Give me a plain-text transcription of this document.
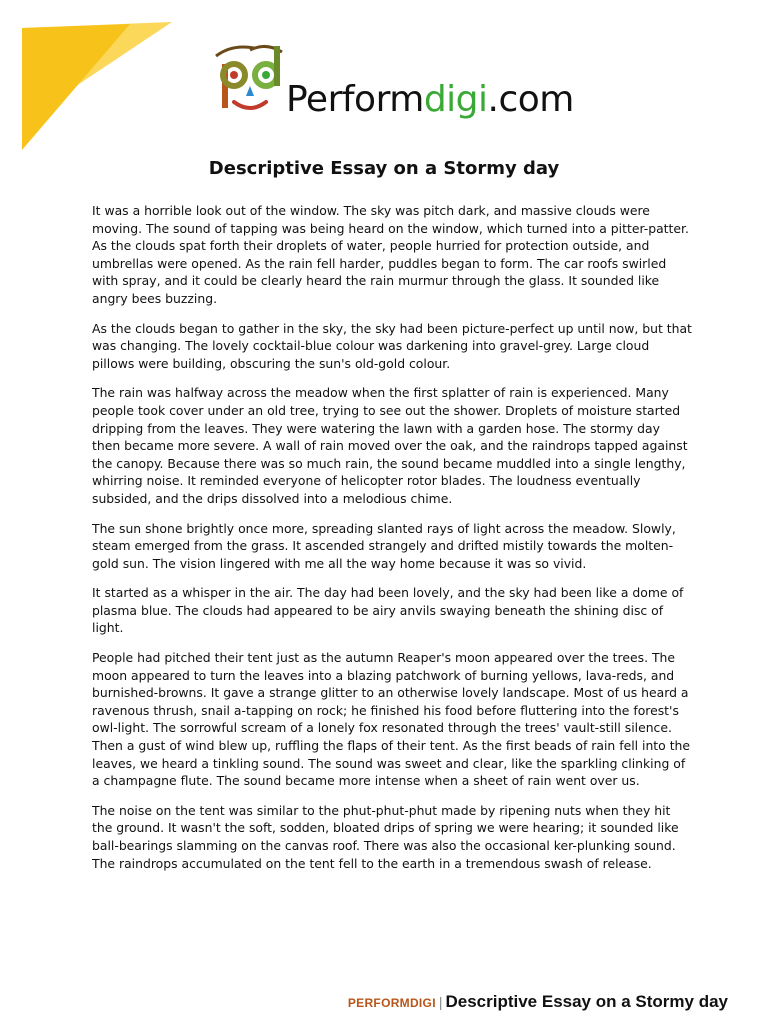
Performdigi.com
Descriptive Essay on a Stormy day

It was a horrible look out of the window. The sky was pitch dark, and massive clouds were moving. The sound of tapping was being heard on the window, which turned into a pitter-patter. As the clouds spat forth their droplets of water, people hurried for protection outside, and umbrellas were opened. As the rain fell harder, puddles began to form. The car roofs swirled with spray, and it could be clearly heard the rain murmur through the glass. It sounded like angry bees buzzing.

As the clouds began to gather in the sky, the sky had been picture-perfect up until now, but that was changing. The lovely cocktail-blue colour was darkening into gravel-grey. Large cloud pillows were building, obscuring the sun's old-gold colour.

The rain was halfway across the meadow when the first splatter of rain is experienced. Many people took cover under an old tree, trying to see out the shower. Droplets of moisture started dripping from the leaves. They were watering the lawn with a garden hose. The stormy day then became more severe. A wall of rain moved over the oak, and the raindrops tapped against the canopy. Because there was so much rain, the sound became muddled into a single lengthy, whirring noise. It reminded everyone of helicopter rotor blades. The loudness eventually subsided, and the drips dissolved into a melodious chime.

The sun shone brightly once more, spreading slanted rays of light across the meadow. Slowly, steam emerged from the grass. It ascended strangely and drifted mistily towards the molten-gold sun. The vision lingered with me all the way home because it was so vivid.

It started as a whisper in the air. The day had been lovely, and the sky had been like a dome of plasma blue. The clouds had appeared to be airy anvils swaying beneath the shining disc of light.

People had pitched their tent just as the autumn Reaper's moon appeared over the trees. The moon appeared to turn the leaves into a blazing patchwork of burning yellows, lava-reds, and burnished-browns. It gave a strange glitter to an otherwise lovely landscape. Most of us heard a ravenous thrush, snail a-tapping on rock; he finished his food before fluttering into the forest's owl-light. The sorrowful scream of a lonely fox resonated through the trees' vault-still silence. Then a gust of wind blew up, ruffling the flaps of their tent. As the first beads of rain fell into the leaves, we heard a tinkling sound. The sound was sweet and clear, like the sparkling clinking of a champagne flute. The sound became more intense when a sheet of rain went over us.

The noise on the tent was similar to the phut-phut-phut made by ripening nuts when they hit the ground. It wasn't the soft, sodden, bloated drips of spring we were hearing; it sounded like ball-bearings slamming on the canvas roof. There was also the occasional ker-plunking sound. The raindrops accumulated on the tent fell to the earth in a tremendous swash of release.

PERFORMDIGI | Descriptive Essay on a Stormy day
